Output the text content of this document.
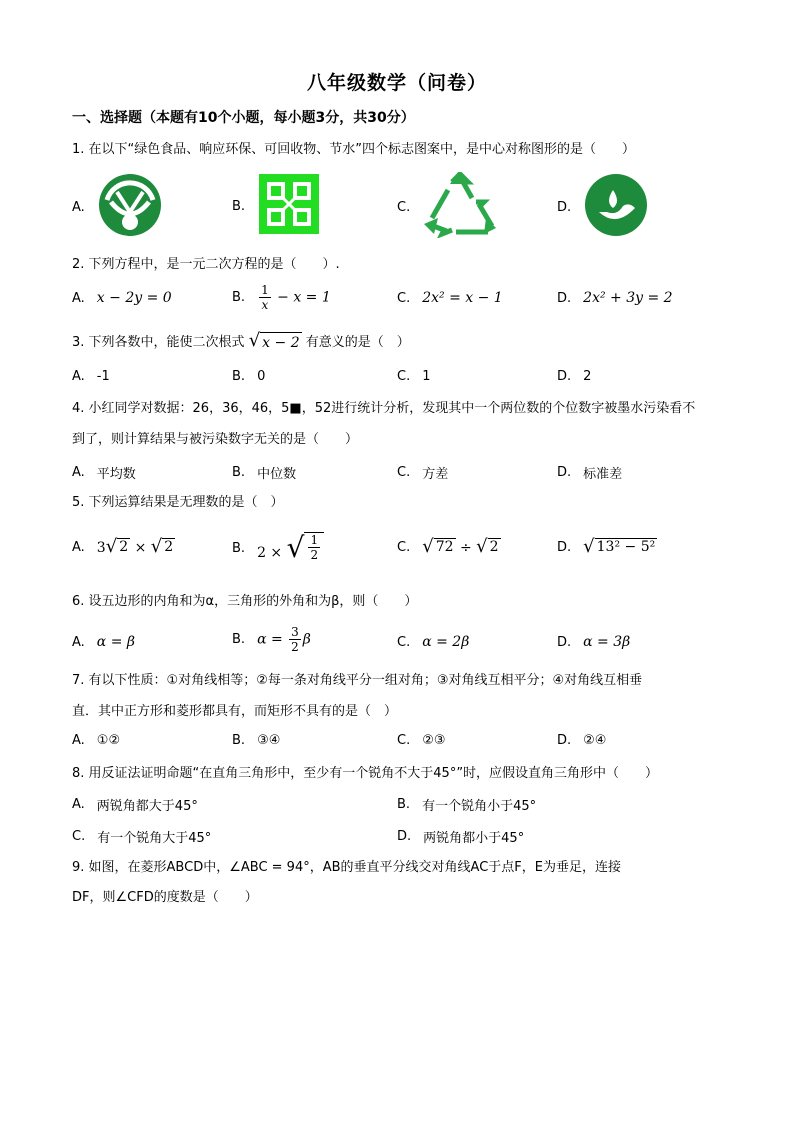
八年级数学（问卷）
一、选择题（本题有10个小题，每小题3分，共30分）
1. 在以下“绿色食品、响应环保、可回收物、节水”四个标志图案中，是中心对称图形的是（　　）
A.	B.	C.	D.
2. 下列方程中，是一元二次方程的是（　　）.
A. x − 2y = 0	B. $\frac{1}{x} - x = 1$	C. 2x² = x − 1	D. 2x² + 3y = 2
3. 下列各数中，能使二次根式 √ x − 2 有意义的是（　）
A. -1	B. 0	C. 1	D. 2
4. 小红同学对数据：26，36，46，5■，52进行统计分析，发现其中一个两位数的个位数字被墨水污染看不
到了，则计算结果与被污染数字无关的是（　　）
A. 平均数	B. 中位数	C. 方差	D. 标准差
5. 下列运算结果是无理数的是（　）
A. 3 √ 2 × √ 2	B. 2 × √ $\frac{1}{2}$	C. √ 72 ÷ √ 2	D. √ 13² − 5²
6. 设五边形的内角和为α，三角形的外角和为β，则（　　）
A. α = β	B. $\alpha = \frac{3}{2}$ β	C. α = 2β	D. α = 3β
7. 有以下性质：①对角线相等；②每一条对角线平分一组对角；③对角线互相平分；④对角线互相垂
直．其中正方形和菱形都具有，而矩形不具有的是（　）
A. ①②	B. ③④	C. ②③	D. ②④
8. 用反证法证明命题“在直角三角形中，至少有一个锐角不大于45°”时，应假设直角三角形中（　　）
A. 两锐角都大于45°	B. 有一个锐角小于45°
C. 有一个锐角大于45°	D. 两锐角都小于45°
9. 如图，在菱形ABCD中，∠ABC = 94°，AB的垂直平分线交对角线AC于点F，E为垂足，连接
DF，则∠CFD的度数是（　　）
